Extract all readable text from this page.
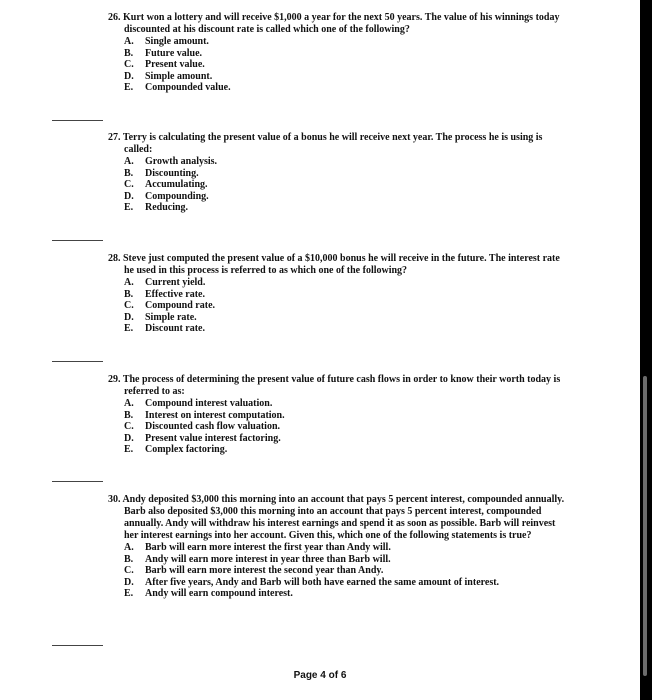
26. Kurt won a lottery and will receive $1,000 a year for the next 50 years. The value of his winnings today discounted at his discount rate is called which one of the following?

A.	Single amount.
B.	Future value.
C.	Present value.
D.	Simple amount.
E.	Compounded value.

27. Terry is calculating the present value of a bonus he will receive next year. The process he is using is called:

A.	Growth analysis.
B.	Discounting.
C.	Accumulating.
D.	Compounding.
E.	Reducing.

28. Steve just computed the present value of a $10,000 bonus he will receive in the future. The interest rate he used in this process is referred to as which one of the following?

A.	Current yield.
B.	Effective rate.
C.	Compound rate.
D.	Simple rate.
E.	Discount rate.

29. The process of determining the present value of future cash flows in order to know their worth today is referred to as:

A.	Compound interest valuation.
B.	Interest on interest computation.
C.	Discounted cash flow valuation.
D.	Present value interest factoring.
E.	Complex factoring.

30. Andy deposited $3,000 this morning into an account that pays 5 percent interest, compounded annually. Barb also deposited $3,000 this morning into an account that pays 5 percent interest, compounded annually. Andy will withdraw his interest earnings and spend it as soon as possible. Barb will reinvest her interest earnings into her account. Given this, which one of the following statements is true?

A.	Barb will earn more interest the first year than Andy will.
B.	Andy will earn more interest in year three than Barb will.
C.	Barb will earn more interest the second year than Andy.
D.	After five years, Andy and Barb will both have earned the same amount of interest.
E.	Andy will earn compound interest.
Page 4 of 6
